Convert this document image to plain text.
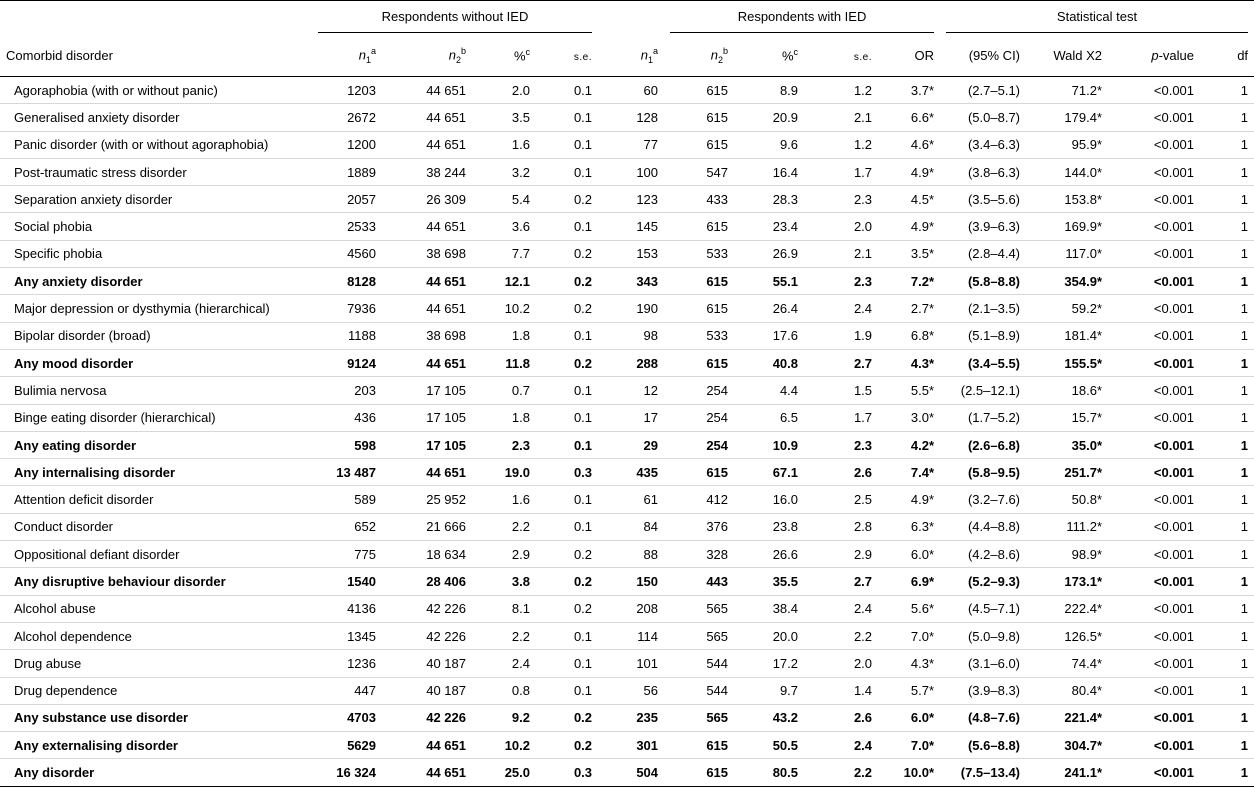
	Respondents without IED					Respondents with IED				Statistical test			

Comorbid disorder	$n_1^a$	$n_2^b$	%$^c$	s.e.	$n_1^a$	$n_2^b$	%$^c$	s.e.	OR	(95% CI)	Wald X2	p-value	df
Agoraphobia (with or without panic)	1203	44 651	2.0	0.1	60	615	8.9	1.2	3.7*	(2.7–5.1)	71.2*	<0.001	1
Generalised anxiety disorder	2672	44 651	3.5	0.1	128	615	20.9	2.1	6.6*	(5.0–8.7)	179.4*	<0.001	1
Panic disorder (with or without agoraphobia)	1200	44 651	1.6	0.1	77	615	9.6	1.2	4.6*	(3.4–6.3)	95.9*	<0.001	1
Post-traumatic stress disorder	1889	38 244	3.2	0.1	100	547	16.4	1.7	4.9*	(3.8–6.3)	144.0*	<0.001	1
Separation anxiety disorder	2057	26 309	5.4	0.2	123	433	28.3	2.3	4.5*	(3.5–5.6)	153.8*	<0.001	1
Social phobia	2533	44 651	3.6	0.1	145	615	23.4	2.0	4.9*	(3.9–6.3)	169.9*	<0.001	1
Specific phobia	4560	38 698	7.7	0.2	153	533	26.9	2.1	3.5*	(2.8–4.4)	117.0*	<0.001	1
Any anxiety disorder	8128	44 651	12.1	0.2	343	615	55.1	2.3	7.2*	(5.8–8.8)	354.9*	<0.001	1
Major depression or dysthymia (hierarchical)	7936	44 651	10.2	0.2	190	615	26.4	2.4	2.7*	(2.1–3.5)	59.2*	<0.001	1
Bipolar disorder (broad)	1188	38 698	1.8	0.1	98	533	17.6	1.9	6.8*	(5.1–8.9)	181.4*	<0.001	1
Any mood disorder	9124	44 651	11.8	0.2	288	615	40.8	2.7	4.3*	(3.4–5.5)	155.5*	<0.001	1
Bulimia nervosa	203	17 105	0.7	0.1	12	254	4.4	1.5	5.5*	(2.5–12.1)	18.6*	<0.001	1
Binge eating disorder (hierarchical)	436	17 105	1.8	0.1	17	254	6.5	1.7	3.0*	(1.7–5.2)	15.7*	<0.001	1
Any eating disorder	598	17 105	2.3	0.1	29	254	10.9	2.3	4.2*	(2.6–6.8)	35.0*	<0.001	1
Any internalising disorder	13 487	44 651	19.0	0.3	435	615	67.1	2.6	7.4*	(5.8–9.5)	251.7*	<0.001	1
Attention deficit disorder	589	25 952	1.6	0.1	61	412	16.0	2.5	4.9*	(3.2–7.6)	50.8*	<0.001	1
Conduct disorder	652	21 666	2.2	0.1	84	376	23.8	2.8	6.3*	(4.4–8.8)	111.2*	<0.001	1
Oppositional defiant disorder	775	18 634	2.9	0.2	88	328	26.6	2.9	6.0*	(4.2–8.6)	98.9*	<0.001	1
Any disruptive behaviour disorder	1540	28 406	3.8	0.2	150	443	35.5	2.7	6.9*	(5.2–9.3)	173.1*	<0.001	1
Alcohol abuse	4136	42 226	8.1	0.2	208	565	38.4	2.4	5.6*	(4.5–7.1)	222.4*	<0.001	1
Alcohol dependence	1345	42 226	2.2	0.1	114	565	20.0	2.2	7.0*	(5.0–9.8)	126.5*	<0.001	1
Drug abuse	1236	40 187	2.4	0.1	101	544	17.2	2.0	4.3*	(3.1–6.0)	74.4*	<0.001	1
Drug dependence	447	40 187	0.8	0.1	56	544	9.7	1.4	5.7*	(3.9–8.3)	80.4*	<0.001	1
Any substance use disorder	4703	42 226	9.2	0.2	235	565	43.2	2.6	6.0*	(4.8–7.6)	221.4*	<0.001	1
Any externalising disorder	5629	44 651	10.2	0.2	301	615	50.5	2.4	7.0*	(5.6–8.8)	304.7*	<0.001	1
Any disorder	16 324	44 651	25.0	0.3	504	615	80.5	2.2	10.0*	(7.5–13.4)	241.1*	<0.001	1
